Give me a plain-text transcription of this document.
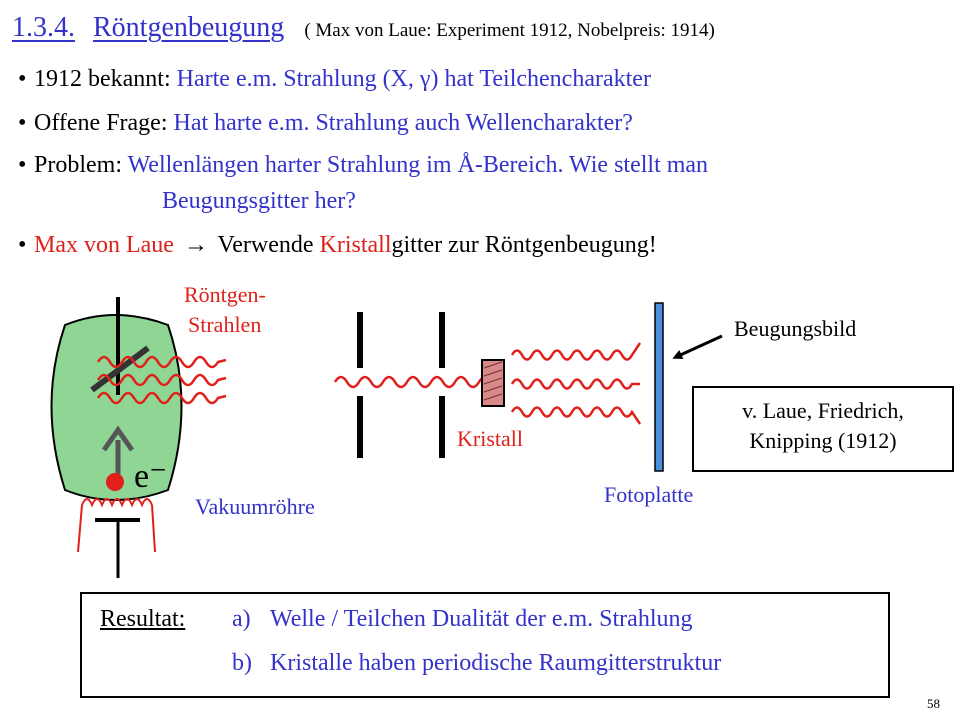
1.3.4. Röntgenbeugung ( Max von Laue: Experiment 1912, Nobelpreis: 1914)
• 1912 bekannt: Harte e.m. Strahlung (X, γ) hat Teilchencharakter
• Offene Frage: Hat harte e.m. Strahlung auch Wellencharakter?
• Problem: Wellenlängen harter Strahlung im Å-Bereich. Wie stellt man
Beugungsgitter her?
• Max von Laue → Verwende Kristallgitter zur Röntgenbeugung!
Röntgen-
Strahlen
e⁻
Vakuumröhre
Kristall
Fotoplatte
Beugungsbild
v. Laue, Friedrich,
Knipping (1912)
Resultat: a) Welle / Teilchen Dualität der e.m. Strahlung
b) Kristalle haben periodische Raumgitterstruktur
58
